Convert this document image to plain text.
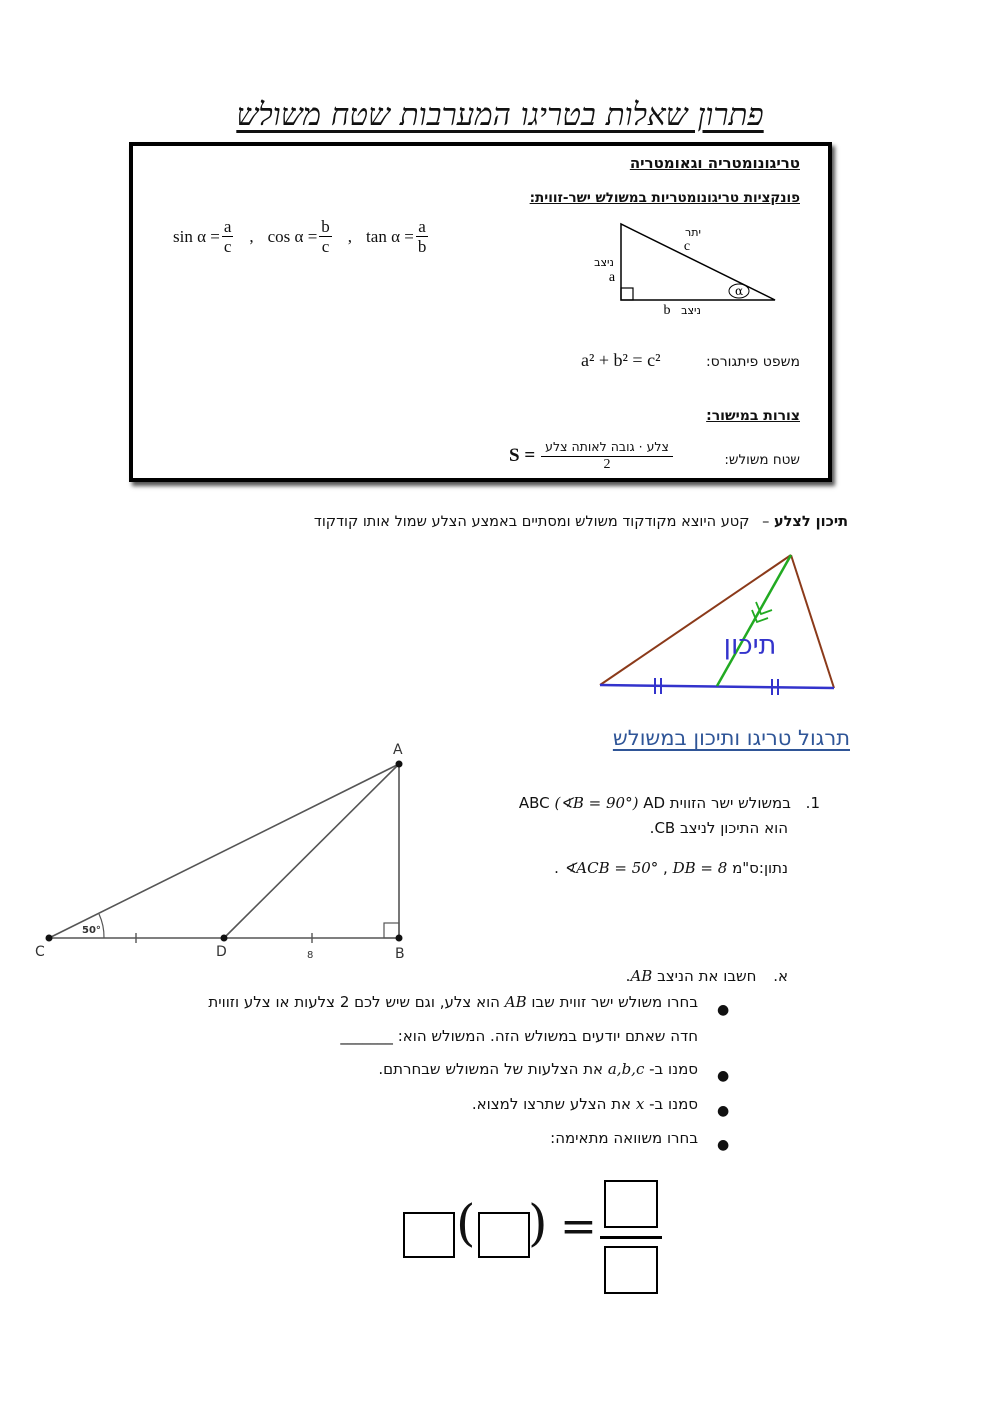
פתרון שאלות בטריגו המערבות שטח משולש
טריגונומטריה וגאומטריה
פונקציות טריגונומטריות במשולש ישר-זווית:
$\sin \alpha = \frac{a}{c}$ , $\cos \alpha = \frac{b}{c}$ , $\tan \alpha = \frac{a}{b}$
α
יתר
c
ניצב
a
b ניצב
משפט פיתגורס:
a² + b² = c²
צורות במישור:
שטח משולש:
$S = \frac{\text{צלע · גובה לאותה צלע}}{2}$
תיכון לצלע – קטע היוצא מקודקוד משולש ומסתיים באמצע הצלע שמול אותו קודקוד
תיכון
תרגול טריגו ותיכון במשולש
A
B
C	D
50°
8
1. במשולש ישר הזווית ABC (∢B = 90°) AD
הוא התיכון לניצב CB.
נתון:ס"מ DB = 8 , ∢ACB = 50° .
א. חשבו את הניצב AB.
●
בחרו משולש ישר זווית שבו AB הוא צלע, וגם שיש לכם 2 צלעות או צלע וזווית
חדה שאתם יודעים במשולש הזה. המשולש הוא: _______
●
סמנו ב- a,b,c את הצלעות של המשולש שבחרתם.
●
סמנו ב- x את הצלע שתרצו למצוא.
●
בחרו משוואה מתאימה:
( ) =
